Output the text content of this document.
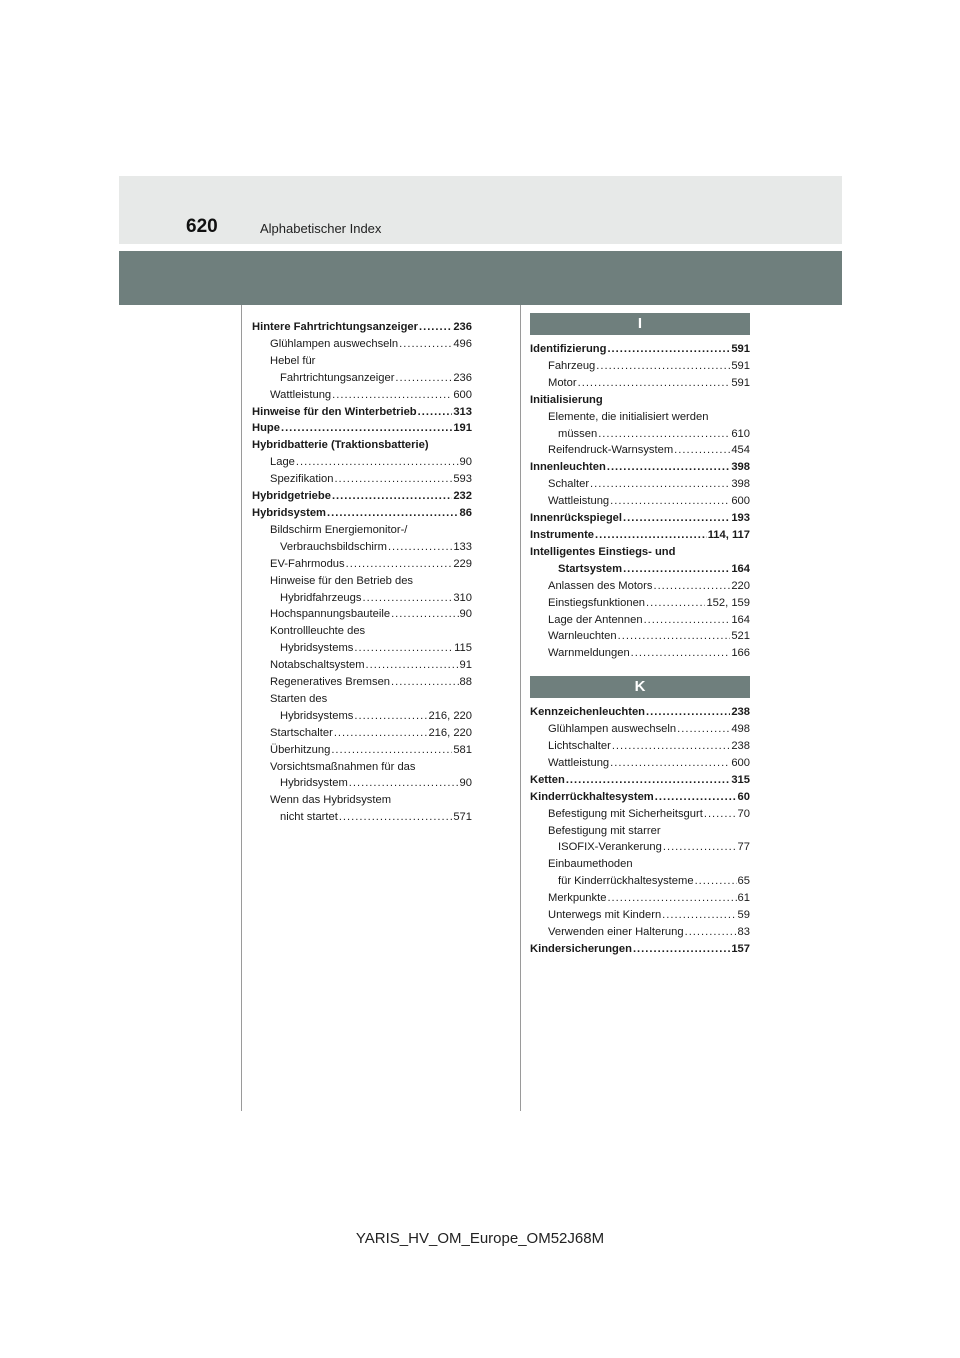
620	Alphabetischer Index
Hintere Fahrtrichtungsanzeiger .....	236
Glühlampen auswechseln .....	496
Hebel für
Fahrtrichtungsanzeiger .....	236
Wattleistung .....	600
Hinweise für den Winterbetrieb .....	313
Hupe .....	191
Hybridbatterie (Traktionsbatterie)
Lage .....	90
Spezifikation .....	593
Hybridgetriebe .....	232
Hybridsystem .....	86
Bildschirm Energiemonitor-/
Verbrauchsbildschirm .....	133
EV-Fahrmodus .....	229
Hinweise für den Betrieb des
Hybridfahrzeugs .....	310
Hochspannungsbauteile .....	90
Kontrollleuchte des
Hybridsystems .....	115
Notabschaltsystem .....	91
Regeneratives Bremsen .....	88
Starten des
Hybridsystems .....	216, 220
Startschalter .....	216, 220
Überhitzung .....	581
Vorsichtsmaßnahmen für das
Hybridsystem .....	90
Wenn das Hybridsystem
nicht startet .....	571
I
Identifizierung .....	591
Fahrzeug .....	591
Motor .....	591
Initialisierung
Elemente, die initialisiert werden
müssen .....	610
Reifendruck-Warnsystem .....	454
Innenleuchten .....	398
Schalter .....	398
Wattleistung .....	600
Innenrückspiegel .....	193
Instrumente .....	114, 117
Intelligentes Einstiegs- und
Startsystem .....	164
Anlassen des Motors .....	220
Einstiegsfunktionen .....	152, 159
Lage der Antennen .....	164
Warnleuchten .....	521
Warnmeldungen .....	166
K
Kennzeichenleuchten .....	238
Glühlampen auswechseln .....	498
Lichtschalter .....	238
Wattleistung .....	600
Ketten .....	315
Kinderrückhaltesystem .....	60
Befestigung mit Sicherheitsgurt .....	70
Befestigung mit starrer
ISOFIX-Verankerung .....	77
Einbaumethoden
für Kinderrückhaltesysteme .....	65
Merkpunkte .....	61
Unterwegs mit Kindern .....	59
Verwenden einer Halterung .....	83
Kindersicherungen .....	157
YARIS_HV_OM_Europe_OM52J68M
